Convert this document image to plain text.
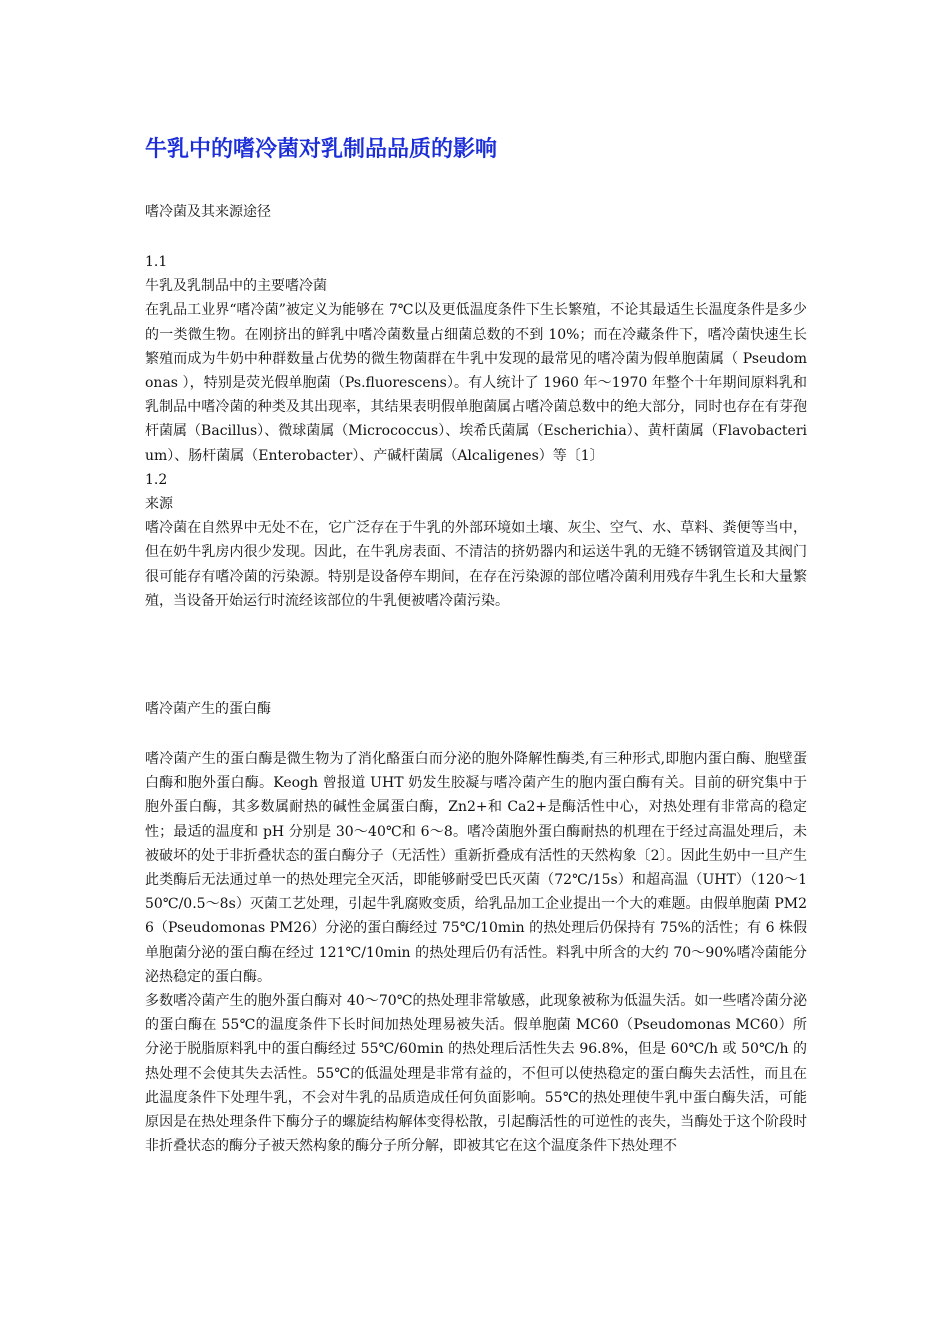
牛乳中的嗜冷菌对乳制品品质的影响
嗜冷菌及其来源途径

1.1

牛乳及乳制品中的主要嗜冷菌

在乳品工业界“嗜冷菌”被定义为能够在 7℃以及更低温度条件下生长繁殖，不论其最适生长温度条件是多少的一类微生物。在刚挤出的鲜乳中嗜冷菌数量占细菌总数的不到 10%；而在冷藏条件下，嗜冷菌快速生长繁殖而成为牛奶中种群数量占优势的微生物菌群在牛乳中发现的最常见的嗜冷菌为假单胞菌属（ Pseudomonas ），特别是荧光假单胞菌（Ps.fluorescens）。有人统计了 1960 年～1970 年整个十年期间原料乳和乳制品中嗜冷菌的种类及其出现率，其结果表明假单胞菌属占嗜冷菌总数中的绝大部分，同时也存在有芽孢杆菌属（Bacillus）、微球菌属（Micrococcus）、埃希氏菌属（Escherichia）、黄杆菌属（Flavobacterium）、肠杆菌属（Enterobacter）、产碱杆菌属（Alcaligenes）等〔1〕

1.2

来源

嗜冷菌在自然界中无处不在，它广泛存在于牛乳的外部环境如土壤、灰尘、空气、水、草料、粪便等当中，但在奶牛乳房内很少发现。因此，在牛乳房表面、不清洁的挤奶器内和运送牛乳的无缝不锈钢管道及其阀门很可能存有嗜冷菌的污染源。特别是设备停车期间，在存在污染源的部位嗜冷菌利用残存牛乳生长和大量繁殖，当设备开始运行时流经该部位的牛乳便被嗜冷菌污染。

嗜冷菌产生的蛋白酶

嗜冷菌产生的蛋白酶是微生物为了消化酪蛋白而分泌的胞外降解性酶类,有三种形式,即胞内蛋白酶、胞壁蛋白酶和胞外蛋白酶。Keogh 曾报道 UHT 奶发生胶凝与嗜冷菌产生的胞内蛋白酶有关。目前的研究集中于胞外蛋白酶，其多数属耐热的碱性金属蛋白酶，Zn2+和 Ca2+是酶活性中心，对热处理有非常高的稳定性；最适的温度和 pH 分别是 30～40℃和 6～8。嗜冷菌胞外蛋白酶耐热的机理在于经过高温处理后，未被破坏的处于非折叠状态的蛋白酶分子（无活性）重新折叠成有活性的天然构象〔2〕。因此生奶中一旦产生此类酶后无法通过单一的热处理完全灭活，即能够耐受巴氏灭菌（72℃/15s）和超高温（UHT）（120～150℃/0.5～8s）灭菌工艺处理，引起牛乳腐败变质，给乳品加工企业提出一个大的难题。由假单胞菌 PM26（Pseudomonas PM26）分泌的蛋白酶经过 75℃/10min 的热处理后仍保持有 75%的活性；有 6 株假单胞菌分泌的蛋白酶在经过 121℃/10min 的热处理后仍有活性。料乳中所含的大约 70～90%嗜冷菌能分泌热稳定的蛋白酶。

多数嗜冷菌产生的胞外蛋白酶对 40～70℃的热处理非常敏感，此现象被称为低温失活。如一些嗜冷菌分泌的蛋白酶在 55℃的温度条件下长时间加热处理易被失活。假单胞菌 MC60（Pseudomonas MC60）所分泌于脱脂原料乳中的蛋白酶经过 55℃/60min 的热处理后活性失去 96.8%，但是 60℃/h 或 50℃/h 的热处理不会使其失去活性。55℃的低温处理是非常有益的，不但可以使热稳定的蛋白酶失去活性，而且在此温度条件下处理牛乳，不会对牛乳的品质造成任何负面影响。55℃的热处理使牛乳中蛋白酶失活，可能原因是在热处理条件下酶分子的螺旋结构解体变得松散，引起酶活性的可逆性的丧失，当酶处于这个阶段时非折叠状态的酶分子被天然构象的酶分子所分解，即被其它在这个温度条件下热处理不
